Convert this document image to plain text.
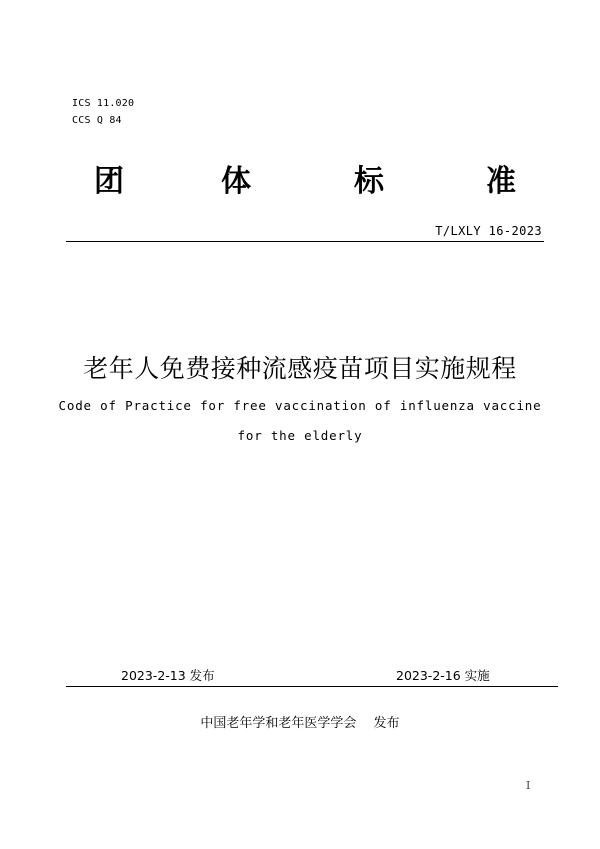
ICS 11.020
CCS Q 84
团	体	标	准
T/LXLY 16-2023
老年人免费接种流感疫苗项目实施规程
Code of Practice for free vaccination of influenza vaccine
for the elderly
2023-2-13 发布	2023-2-16 实施
中国老年学和老年医学学会　 发布
I
